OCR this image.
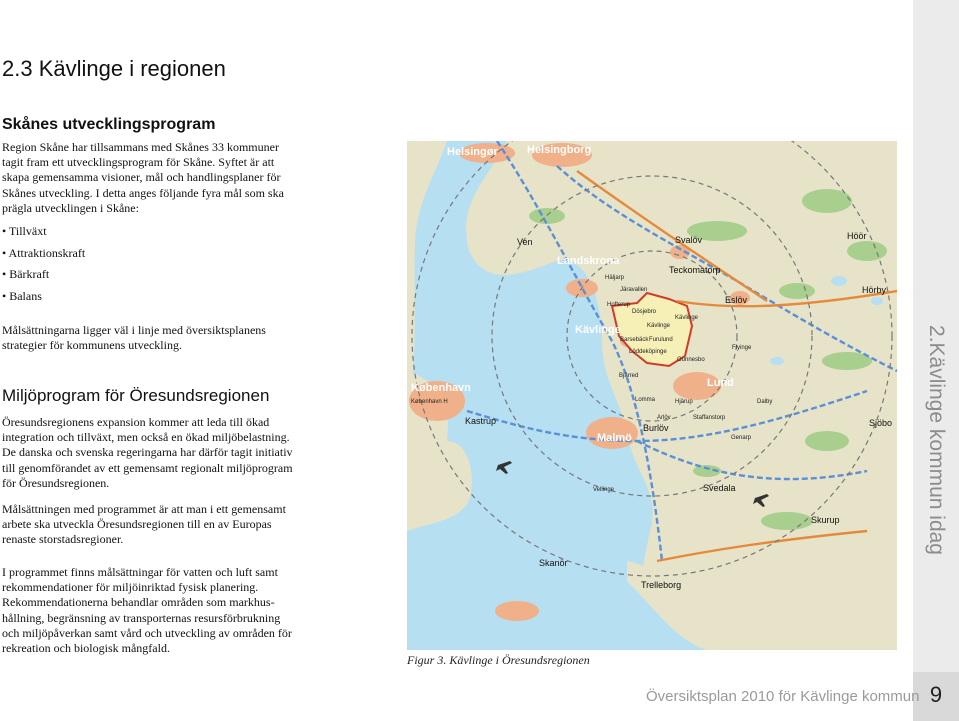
2.Kävlinge kommun idag
Översiktsplan 2010 för Kävlinge kommun 9
2.3 Kävlinge i regionen
Skånes utvecklingsprogram

Region Skåne har tillsammans med Skånes 33 kommuner
tagit fram ett utvecklingsprogram för Skåne. Syftet är att
skapa gemensamma visioner, mål och handlingsplaner för
Skånes utveckling. I detta anges följande fyra mål som ska
prägla utvecklingen i Skåne:

• Tillväxt
• Attraktionskraft
• Bärkraft
• Balans

Målsättningarna ligger väl i linje med översiktsplanens
strategier för kommunens utveckling.

Miljöprogram för Öresundsregionen

Öresundsregionens expansion kommer att leda till ökad
integration och tillväxt, men också en ökad miljöbelastning.
De danska och svenska regeringarna har därför tagit initiativ
till genomförandet av ett gemensamt regionalt miljöprogram
för Öresundsregionen.

Målsättningen med programmet är att man i ett gemensamt
arbete ska utveckla Öresundsregionen till en av Europas
renaste storstadsregioner.

I programmet finns målsättningar för vatten och luft samt
rekommendationer för miljöinriktad fysisk planering.
Rekommendationerna behandlar områden som markhus-
hållning, begränsning av transporternas resursförbrukning
och miljöpåverkan samt vård och utveckling av områden för
rekreation och biologisk mångfald.

Helsingør	Helsingborg
Ven	Svalöv
Landskrona
Häljarp
Teckomatorp
Eslöv
Höör
Hörby
Kävlinge
Kävlinge
Dösjebro
Barsebäck Furulund
Löddeköpinge
Järavallen
Flyinge
København
København H
Kastrup
Lund
Malmö
Burlöv	Sjöbo
Svedala
Skurup
Skanör
Trelleborg
Dalby
Genarp
Gunnesbo
Hjärup
Staffanstorp
Lomma
Vellinge
Arlöv
Bjärred
Hofterup
Kävlinge
Figur 3. Kävlinge i Öresundsregionen
